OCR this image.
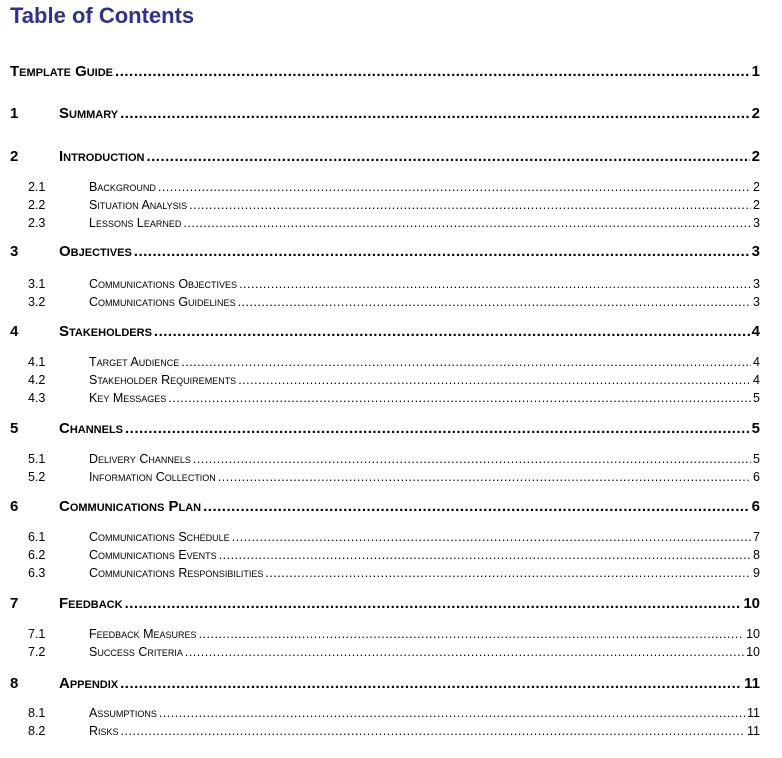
Table of Contents
Template Guide .....	1
1	Summary .....	2
2	Introduction .....	2
2.1	Background .....	2
2.2	Situation Analysis .....	2
2.3	Lessons Learned .....	3
3	Objectives .....	3
3.1	Communications Objectives .....	3
3.2	Communications Guidelines .....	3
4	Stakeholders .....	4
4.1	Target Audience .....	4
4.2	Stakeholder Requirements .....	4
4.3	Key Messages .....	5
5	Channels .....	5
5.1	Delivery Channels .....	5
5.2	Information Collection .....	6
6	Communications Plan .....	6
6.1	Communications Schedule .....	7
6.2	Communications Events .....	8
6.3	Communications Responsibilities .....	9
7	Feedback .....	10
7.1	Feedback Measures .....	10
7.2	Success Criteria .....	10
8	Appendix .....	11
8.1	Assumptions .....	11
8.2	Risks .....	11
